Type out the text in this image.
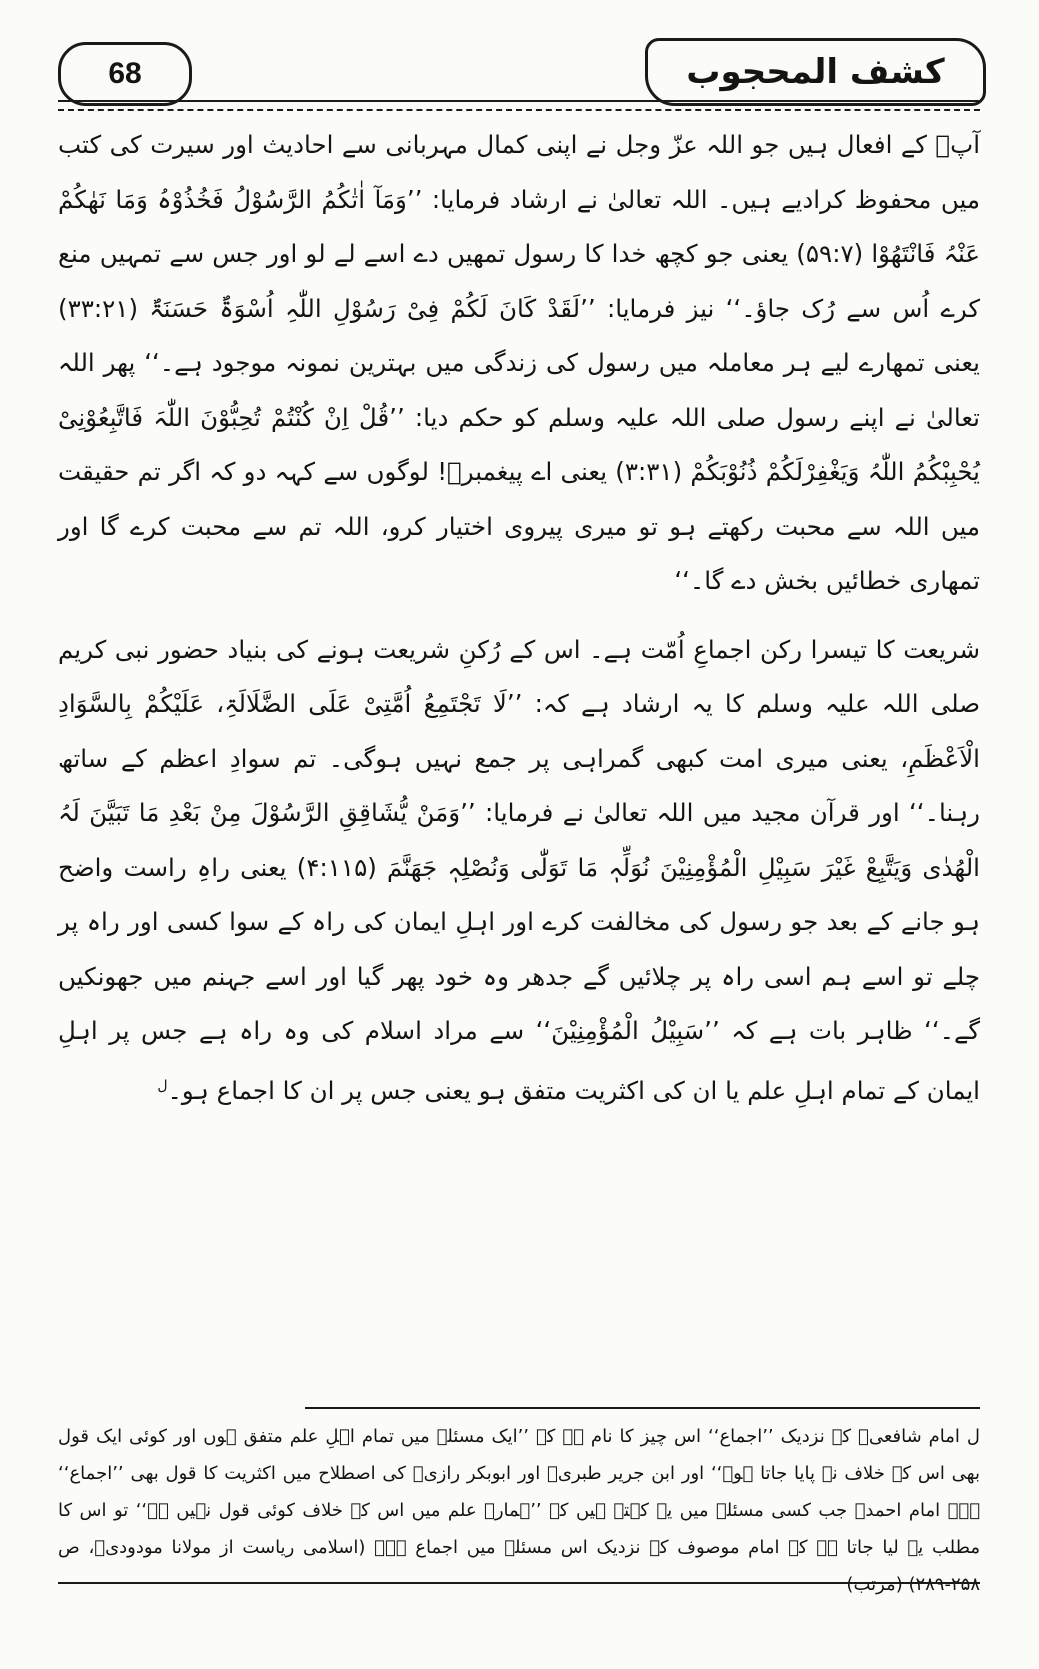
68	کشف المحجوب

آپؐ کے افعال ہیں جو اللہ عزّ وجل نے اپنی کمال مہربانی سے احادیث اور سیرت کی کتب میں محفوظ کرادیے ہیں۔ اللہ تعالیٰ نے ارشاد فرمایا: ’’وَمَآ اٰتٰکُمُ الرَّسُوْلُ فَخُذُوْہُ وَمَا نَھٰکُمْ عَنْہُ فَانْتَھُوْا (۵۹:۷) یعنی جو کچھ خدا کا رسول تمھیں دے اسے لے لو اور جس سے تمہیں منع کرے اُس سے رُک جاؤ۔‘‘ نیز فرمایا: ’’لَقَدْ کَانَ لَکُمْ فِیْ رَسُوْلِ اللّٰہِ اُسْوَۃٌ حَسَنَۃٌ (۳۳:۲۱) یعنی تمھارے لیے ہر معاملہ میں رسول کی زندگی میں بہترین نمونہ موجود ہے۔‘‘ پھر اللہ تعالیٰ نے اپنے رسول صلی اللہ علیہ وسلم کو حکم دیا: ’’قُلْ اِنْ کُنْتُمْ تُحِبُّوْنَ اللّٰہَ فَاتَّبِعُوْنِیْ یُحْبِبْکُمُ اللّٰہُ وَیَغْفِرْلَکُمْ ذُنُوْبَکُمْ (۳:۳۱) یعنی اے پیغمبرؐ! لوگوں سے کہہ دو کہ اگر تم حقیقت میں اللہ سے محبت رکھتے ہو تو میری پیروی اختیار کرو، اللہ تم سے محبت کرے گا اور تمھاری خطائیں بخش دے گا۔‘‘

شریعت کا تیسرا رکن اجماعِ اُمّت ہے۔ اس کے رُکنِ شریعت ہونے کی بنیاد حضور نبی کریم صلی اللہ علیہ وسلم کا یہ ارشاد ہے کہ: ’’لَا تَجْتَمِعُ اُمَّتِیْ عَلَی الضَّلَالَۃِ، عَلَیْکُمْ بِالسَّوَادِ الْاَعْظَمِ، یعنی میری امت کبھی گمراہی پر جمع نہیں ہوگی۔ تم سوادِ اعظم کے ساتھ رہنا۔‘‘ اور قرآن مجید میں اللہ تعالیٰ نے فرمایا: ’’وَمَنْ یُّشَاقِقِ الرَّسُوْلَ مِنْ بَعْدِ مَا تَبَیَّنَ لَہُ الْھُدٰی وَیَتَّبِعْ غَیْرَ سَبِیْلِ الْمُؤْمِنِیْنَ نُوَلِّہٖ مَا تَوَلّٰی وَنُصْلِہٖ جَھَنَّمَ (۴:۱۱۵) یعنی راہِ راست واضح ہو جانے کے بعد جو رسول کی مخالفت کرے اور اہلِ ایمان کی راہ کے سوا کسی اور راہ پر چلے تو اسے ہم اسی راہ پر چلائیں گے جدھر وہ خود پھر گیا اور اسے جہنم میں جھونکیں گے۔‘‘ ظاہر بات ہے کہ ’’سَبِیْلُ الْمُؤْمِنِیْنَ‘‘ سے مراد اسلام کی وہ راہ ہے جس پر اہلِ ایمان کے تمام اہلِ علم یا ان کی اکثریت متفق ہو یعنی جس پر ان کا اجماع ہو۔$^ل$

ل امام شافعیؒ کے نزدیک ’’اجماع‘‘ اس چیز کا نام ہے کہ ’’ایک مسئلے میں تمام اہلِ علم متفق ہوں اور کوئی ایک قول بھی اس کے خلاف نہ پایا جاتا ہو۔‘‘ اور ابن جریر طبریؒ اور ابوبکر رازیؒ کی اصطلاح میں اکثریت کا قول بھی ’’اجماع‘‘ ہے۔ امام احمدؒ جب کسی مسئلے میں یہ کہتے ہیں کہ ’’ہمارے علم میں اس کے خلاف کوئی قول نہیں ہے‘‘ تو اس کا مطلب یہ لیا جاتا ہے کہ امام موصوف کے نزدیک اس مسئلہ میں اجماع ہے۔ (اسلامی ریاست از مولانا مودودیؒ، ص ۲۵۸-۲۸۹) (مرتب)
